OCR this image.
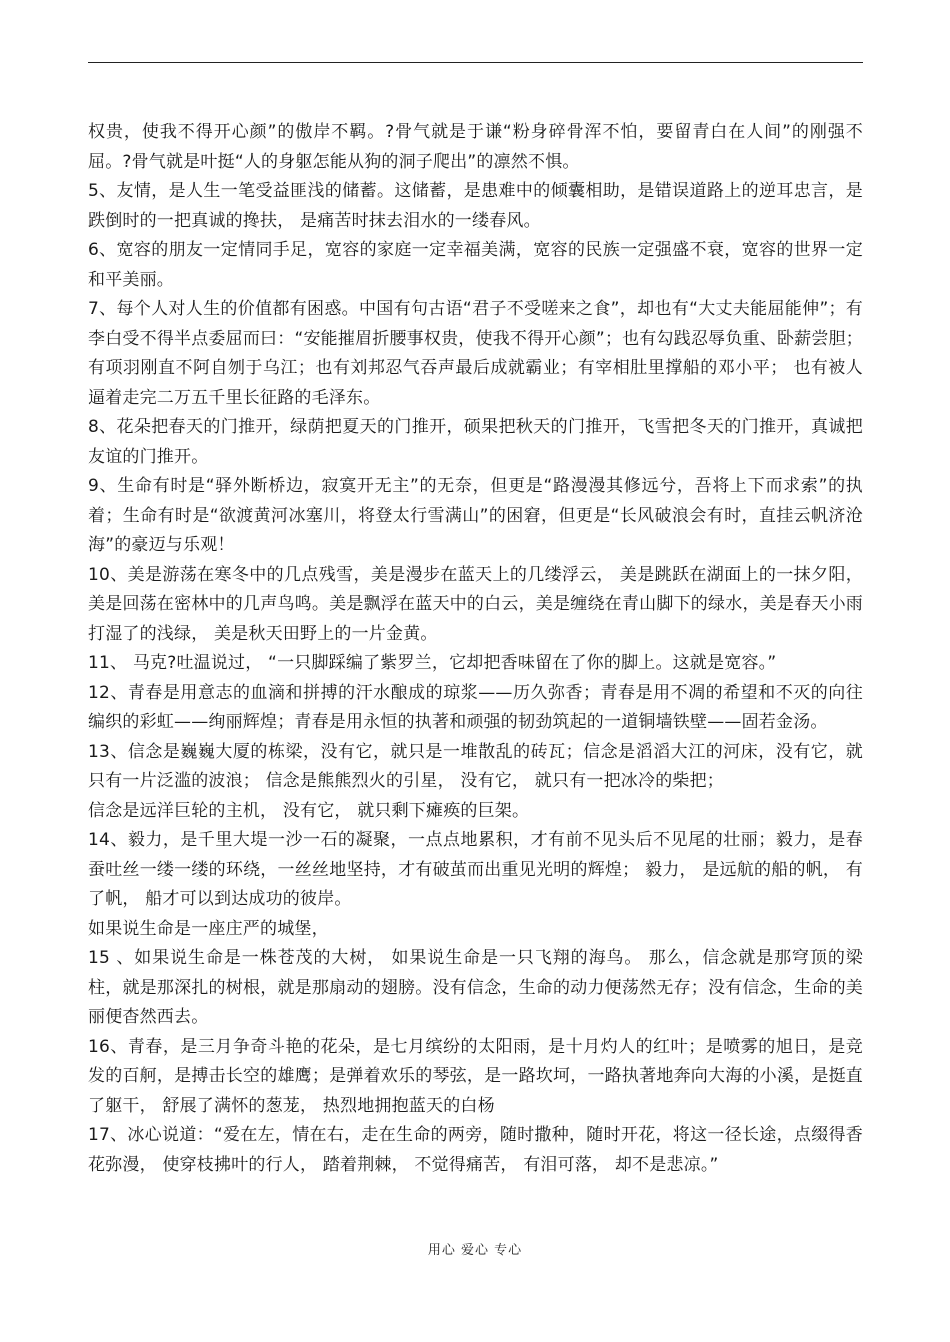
权贵，使我不得开心颜”的傲岸不羁。?骨气就是于谦“粉身碎骨浑不怕，要留青白在人间”的刚强不屈。?骨气就是叶挺“人的身躯怎能从狗的洞子爬出”的凛然不惧。

5、友情，是人生一笔受益匪浅的储蓄。这储蓄，是患难中的倾囊相助，是错误道路上的逆耳忠言，是跌倒时的一把真诚的搀扶， 是痛苦时抹去泪水的一缕春风。

6、宽容的朋友一定情同手足，宽容的家庭一定幸福美满，宽容的民族一定强盛不衰，宽容的世界一定和平美丽。

7、每个人对人生的价值都有困惑。中国有句古语“君子不受嗟来之食”，却也有“大丈夫能屈能伸”；有李白受不得半点委屈而曰：“安能摧眉折腰事权贵，使我不得开心颜”；也有勾践忍辱负重、卧薪尝胆；有项羽刚直不阿自刎于乌江；也有刘邦忍气吞声最后成就霸业；有宰相肚里撑船的邓小平； 也有被人逼着走完二万五千里长征路的毛泽东。

8、花朵把春天的门推开，绿荫把夏天的门推开，硕果把秋天的门推开，飞雪把冬天的门推开，真诚把友谊的门推开。

9、生命有时是“驿外断桥边，寂寞开无主”的无奈，但更是“路漫漫其修远兮，吾将上下而求索”的执着；生命有时是“欲渡黄河冰塞川，将登太行雪满山”的困窘，但更是“长风破浪会有时，直挂云帆济沧海”的豪迈与乐观！

10、美是游荡在寒冬中的几点残雪，美是漫步在蓝天上的几缕浮云， 美是跳跃在湖面上的一抹夕阳，美是回荡在密林中的几声鸟鸣。美是飘浮在蓝天中的白云，美是缠绕在青山脚下的绿水，美是春天小雨打湿了的浅绿， 美是秋天田野上的一片金黄。

11、 马克?吐温说过， “一只脚踩编了紫罗兰，它却把香味留在了你的脚上。这就是宽容。”

12、青春是用意志的血滴和拼搏的汗水酿成的琼浆——历久弥香；青春是用不凋的希望和不灭的向往编织的彩虹——绚丽辉煌；青春是用永恒的执著和顽强的韧劲筑起的一道铜墙铁壁——固若金汤。

13、信念是巍巍大厦的栋梁，没有它，就只是一堆散乱的砖瓦；信念是滔滔大江的河床，没有它，就只有一片泛滥的波浪； 信念是熊熊烈火的引星， 没有它， 就只有一把冰冷的柴把；

信念是远洋巨轮的主机， 没有它， 就只剩下瘫痪的巨架。

14、毅力，是千里大堤一沙一石的凝聚，一点点地累积，才有前不见头后不见尾的壮丽；毅力，是春蚕吐丝一缕一缕的环绕，一丝丝地坚持，才有破茧而出重见光明的辉煌； 毅力， 是远航的船的帆， 有了帆， 船才可以到达成功的彼岸。

如果说生命是一座庄严的城堡，

15 、如果说生命是一株苍茂的大树， 如果说生命是一只飞翔的海鸟。 那么，信念就是那穹顶的梁柱，就是那深扎的树根，就是那扇动的翅膀。没有信念，生命的动力便荡然无存；没有信念，生命的美丽便杳然西去。

16、青春，是三月争奇斗艳的花朵，是七月缤纷的太阳雨，是十月灼人的红叶；是喷雾的旭日，是竞发的百舸，是搏击长空的雄鹰；是弹着欢乐的琴弦，是一路坎坷，一路执著地奔向大海的小溪，是挺直了躯干， 舒展了满怀的葱茏， 热烈地拥抱蓝天的白杨

17、冰心说道：“爱在左，情在右，走在生命的两旁，随时撒种，随时开花，将这一径长途，点缀得香花弥漫， 使穿枝拂叶的行人， 踏着荆棘， 不觉得痛苦， 有泪可落， 却不是悲凉。”

用心 爱心 专心
